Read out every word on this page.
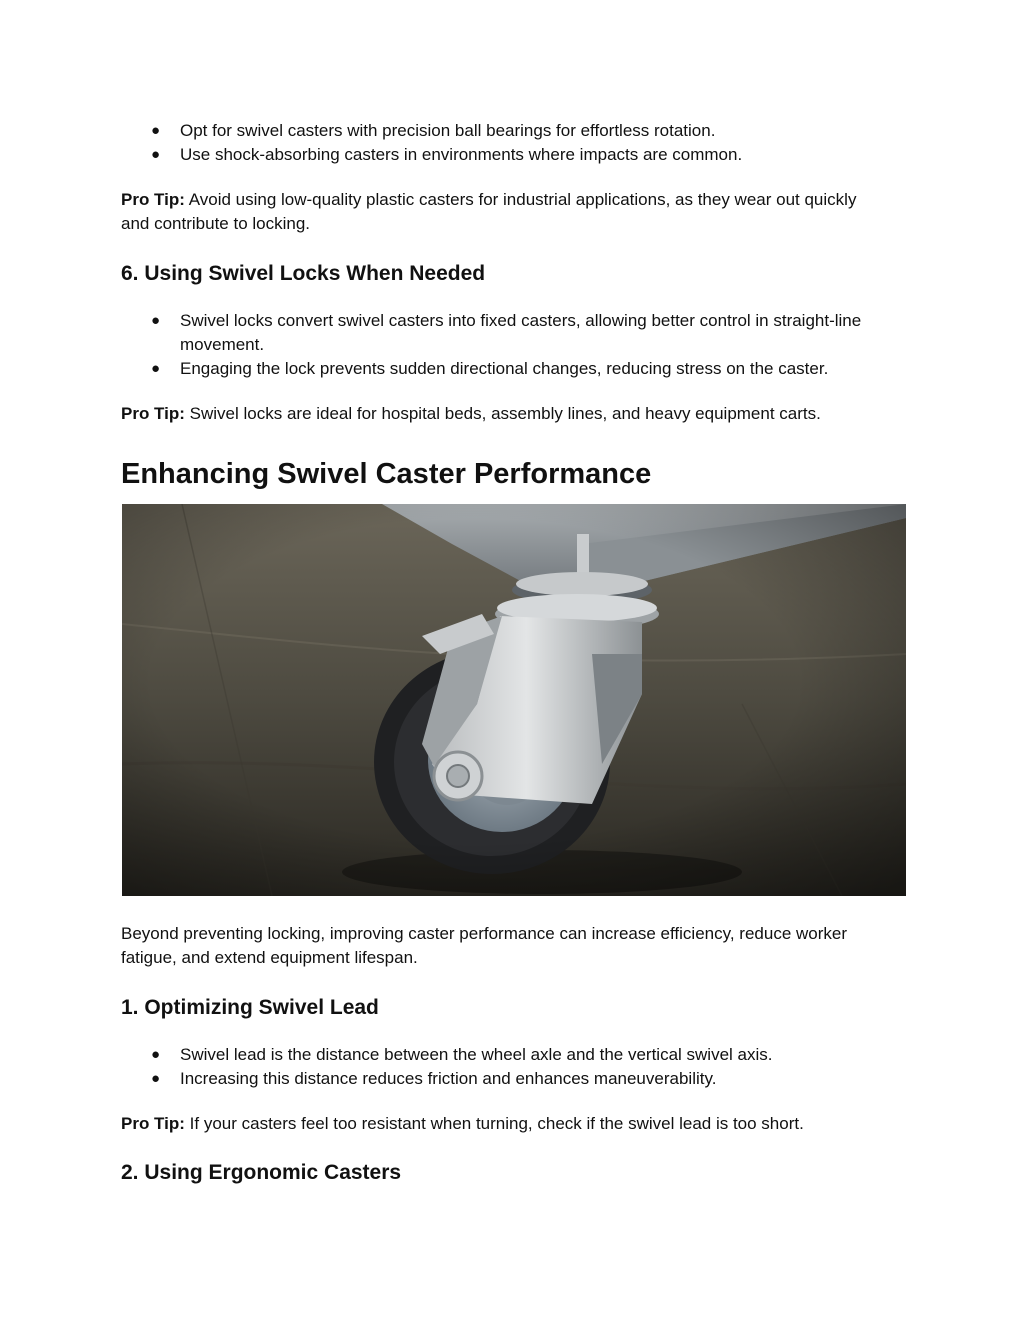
● Opt for swivel casters with precision ball bearings for effortless rotation.
● Use shock-absorbing casters in environments where impacts are common.

Pro Tip: Avoid using low-quality plastic casters for industrial applications, as they wear out quickly and contribute to locking.

6. Using Swivel Locks When Needed
● Swivel locks convert swivel casters into fixed casters, allowing better control in straight-line movement.
● Engaging the lock prevents sudden directional changes, reducing stress on the caster.

Pro Tip: Swivel locks are ideal for hospital beds, assembly lines, and heavy equipment carts.

Enhancing Swivel Caster Performance

Beyond preventing locking, improving caster performance can increase efficiency, reduce worker fatigue, and extend equipment lifespan.

1. Optimizing Swivel Lead
● Swivel lead is the distance between the wheel axle and the vertical swivel axis.
● Increasing this distance reduces friction and enhances maneuverability.

Pro Tip: If your casters feel too resistant when turning, check if the swivel lead is too short.

2. Using Ergonomic Casters
